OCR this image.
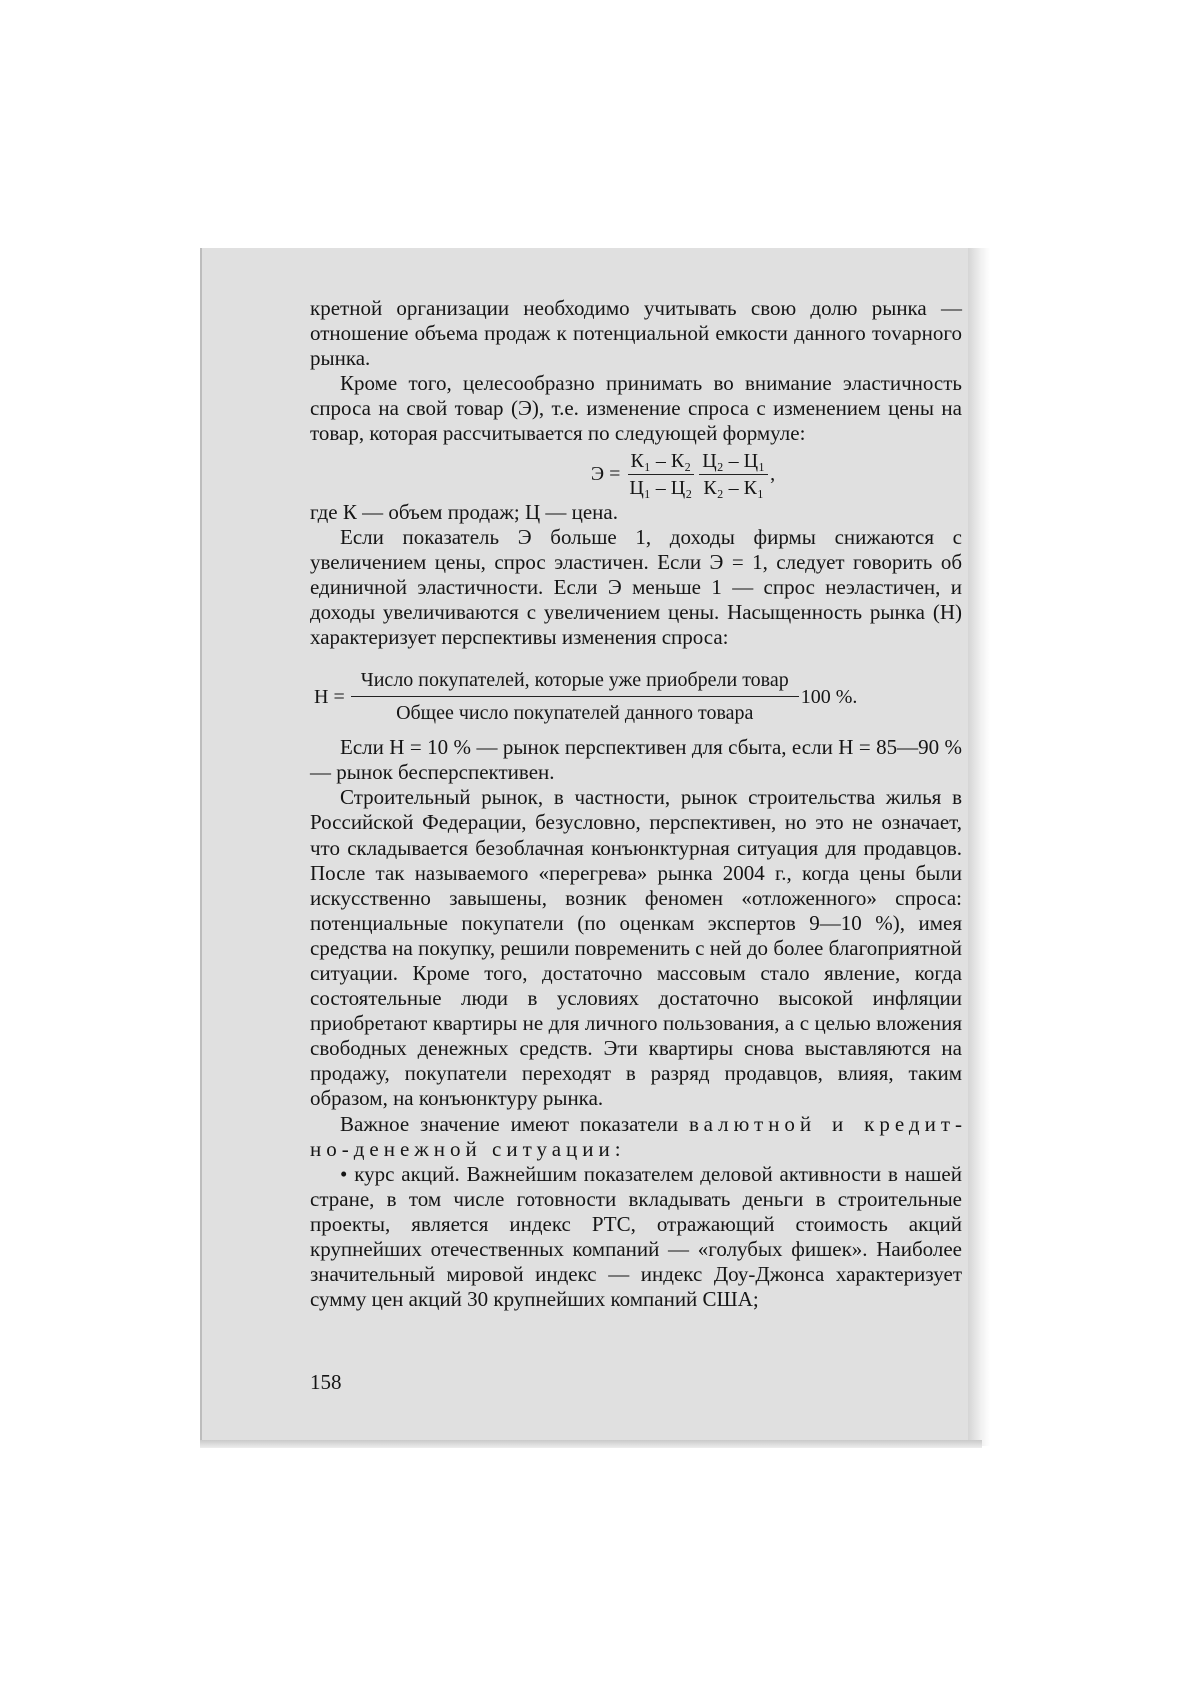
кретной организации необходимо учитывать свою долю рынка — отношение объема продаж к потенциальной емкости данного тоvарного рынка.

Кроме того, целесообразно принимать во внимание эластичность спроса на свой товар (Э), т.е. изменение спроса с изменением цены на товар, которая рассчитывается по следующей формуле:

$Э = \frac{\text{К₁ – К₂}}{\text{Ц₁ – Ц₂}} \frac{\text{Ц₂ – Ц₁}}{\text{К₂ – К₁}}$ ,

где К — объем продаж; Ц — цена.

Если показатель Э больше 1, доходы фирмы снижаются с увеличением цены, спрос эластичен. Если Э = 1, следует говорить об единичной эластичности. Если Э меньше 1 — спрос неэластичен, и доходы увеличиваются с увеличением цены. Насыщенность рынка (Н) характеризует перспективы изменения спроса:

$Н = \frac{\text{Число покупателей, которые уже приобрели товар}}{\text{Общее число покупателей данного товара}} 100$ %.

Если Н = 10 % — рынок перспективен для сбыта, если Н = 85—90 % — рынок бесперспективен.

Строительный рынок, в частности, рынок строительства жилья в Российской Федерации, безусловно, перспективен, но это не означает, что складывается безоблачная конъюнктурная ситуация для продавцов. После так называемого «перегрева» рынка 2004 г., когда цены были искусственно завышены, возник феномен «отложенного» спроса: потенциальные покупатели (по оценкам экспертов 9—10 %), имея средства на покупку, решили повременить с ней до более благоприятной ситуации. Кроме того, достаточно массовым стало явление, когда состоятельные люди в условиях достаточно высокой инфляции приобретают квартиры не для личного пользования, а с целью вложения свободных денежных средств. Эти квартиры снова выставляются на продажу, покупатели переходят в разряд продавцов, влияя, таким образом, на конъюнктуру рынка.

Важное значение имеют показатели валютной и кредитно-денежной ситуации:

• курс акций. Важнейшим показателем деловой активности в нашей стране, в том числе готовности вкладывать деньги в строительные проекты, является индекс РТС, отражающий стоимость акций крупнейших отечественных компаний — «голубых фишек». Наиболее значительный мировой индекс — индекс Доу-Джонса характеризует сумму цен акций 30 крупнейших компаний США;

158
